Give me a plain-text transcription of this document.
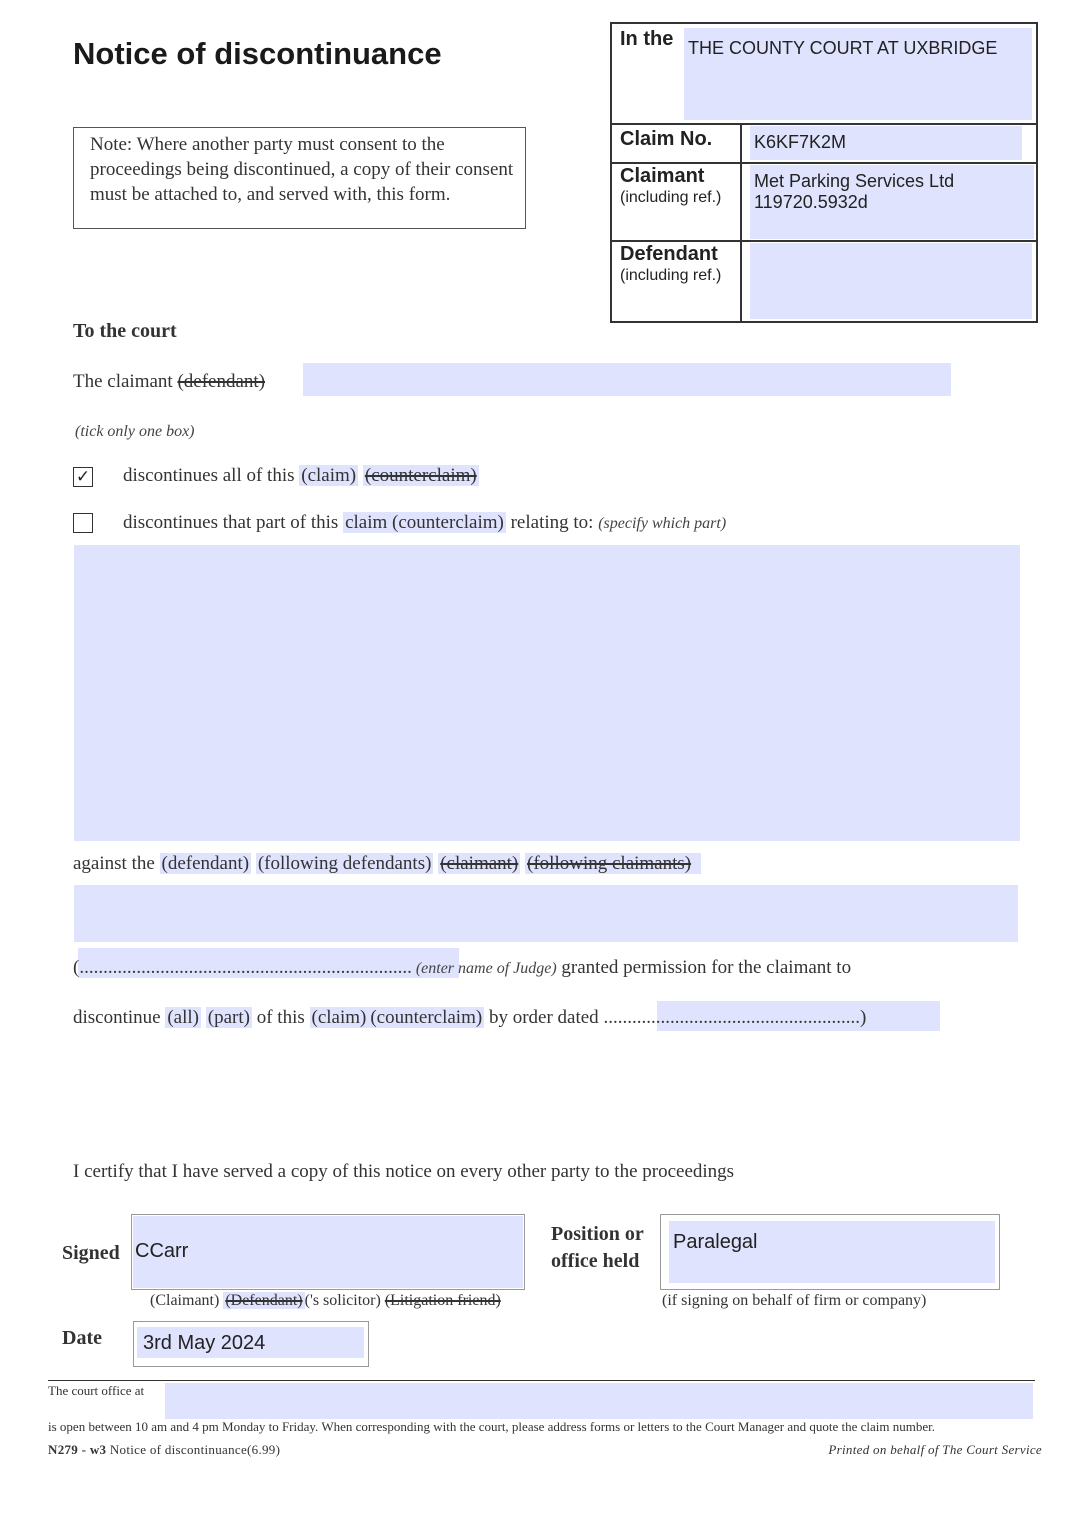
Notice of discontinuance
Note: Where another party must consent to the proceedings being discontinued, a copy of their consent must be attached to, and served with, this form.
In the THE COUNTY COURT AT UXBRIDGE
Claim No. K6KF7K2M
Claimant
(including ref.)
Met Parking Services Ltd
119720.5932d
Defendant
(including ref.)
To the court
The claimant (defendant)
(tick only one box)
✓ discontinues all of this (claim) (counterclaim)
discontinues that part of this claim (counterclaim) relating to: (specify which part)
against the (defendant) (following defendants) (claimant) (following claimants)
(...................................................................... (enter name of Judge) granted permission for the claimant to
discontinue (all) (part) of this (claim) (counterclaim) by order dated ......................................................)
I certify that I have served a copy of this notice on every other party to the proceedings
Signed CCarr
(Claimant) (Defendant) ('s solicitor) (Litigation friend)
Position or
office held
Paralegal
(if signing on behalf of firm or company)
Date	3rd May 2024
The court office at
is open between 10 am and 4 pm Monday to Friday. When corresponding with the court, please address forms or letters to the Court Manager and quote the claim number.
N279 - w3 Notice of discontinuance(6.99)	Printed on behalf of The Court Service
